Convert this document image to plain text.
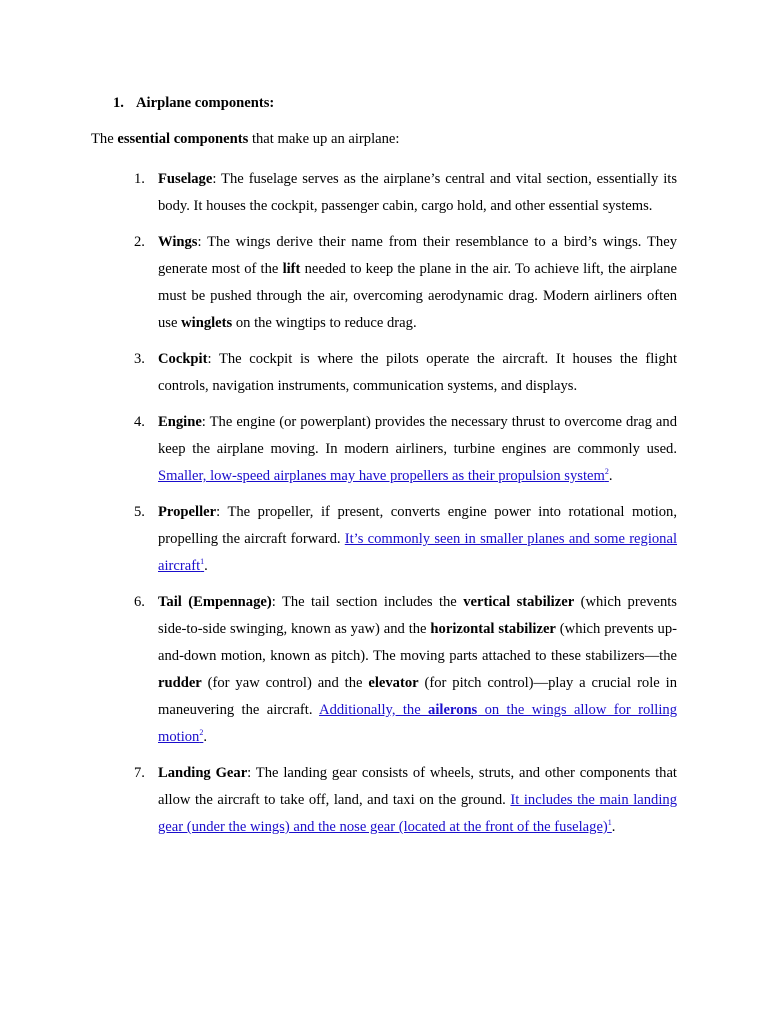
1. Airplane components:
The essential components that make up an airplane:
1. Fuselage: The fuselage serves as the airplane’s central and vital section, essentially its body. It houses the cockpit, passenger cabin, cargo hold, and other essential systems.
2. Wings: The wings derive their name from their resemblance to a bird’s wings. They generate most of the lift needed to keep the plane in the air. To achieve lift, the airplane must be pushed through the air, overcoming aerodynamic drag. Modern airliners often use winglets on the wingtips to reduce drag.
3. Cockpit: The cockpit is where the pilots operate the aircraft. It houses the flight controls, navigation instruments, communication systems, and displays.
4. Engine: The engine (or powerplant) provides the necessary thrust to overcome drag and keep the airplane moving. In modern airliners, turbine engines are commonly used. Smaller, low-speed airplanes may have propellers as their propulsion system$^2$.
5. Propeller: The propeller, if present, converts engine power into rotational motion, propelling the aircraft forward. It’s commonly seen in smaller planes and some regional aircraft$^1$.
6. Tail (Empennage): The tail section includes the vertical stabilizer (which prevents side-to-side swinging, known as yaw) and the horizontal stabilizer (which prevents up-and-down motion, known as pitch). The moving parts attached to these stabilizers—the rudder (for yaw control) and the elevator (for pitch control)—play a crucial role in maneuvering the aircraft. Additionally, the ailerons on the wings allow for rolling motion$^2$.
7. Landing Gear: The landing gear consists of wheels, struts, and other components that allow the aircraft to take off, land, and taxi on the ground. It includes the main landing gear (under the wings) and the nose gear (located at the front of the fuselage)$^1$.
